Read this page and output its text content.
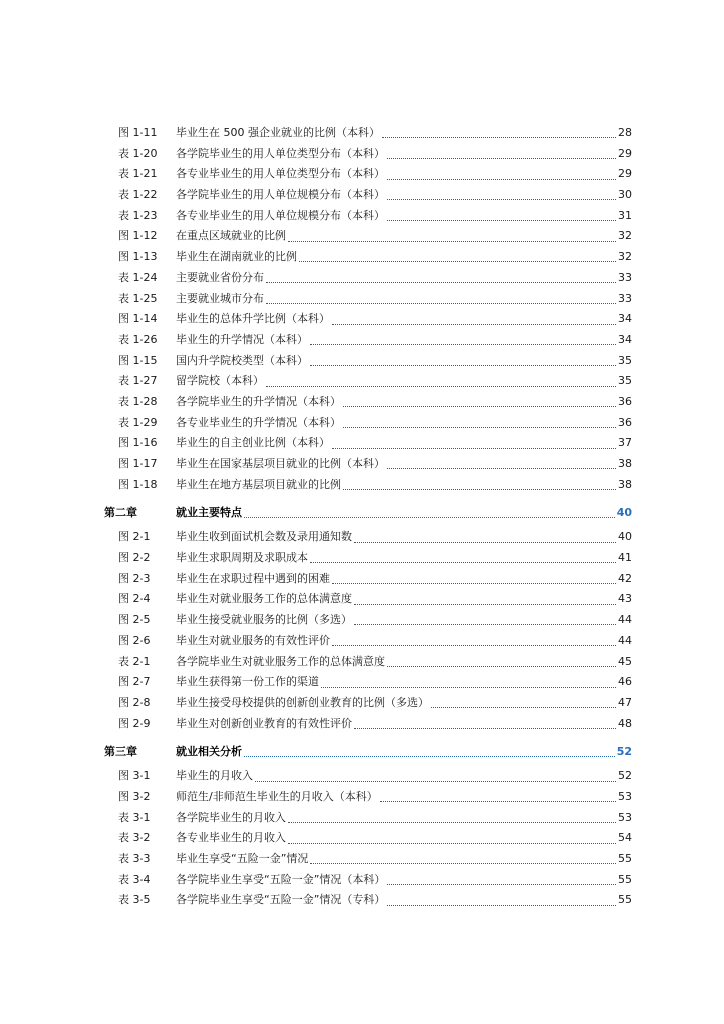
图 1-11	毕业生在 500 强企业就业的比例（本科）	28
表 1-20	各学院毕业生的用人单位类型分布（本科）	29
表 1-21	各专业毕业生的用人单位类型分布（本科）	29
表 1-22	各学院毕业生的用人单位规模分布（本科）	30
表 1-23	各专业毕业生的用人单位规模分布（本科）	31
图 1-12	在重点区域就业的比例	32
图 1-13	毕业生在湖南就业的比例	32
表 1-24	主要就业省份分布	33
表 1-25	主要就业城市分布	33
图 1-14	毕业生的总体升学比例（本科）	34
表 1-26	毕业生的升学情况（本科）	34
图 1-15	国内升学院校类型（本科）	35
表 1-27	留学院校（本科）	35
表 1-28	各学院毕业生的升学情况（本科）	36
表 1-29	各专业毕业生的升学情况（本科）	36
图 1-16	毕业生的自主创业比例（本科）	37
图 1-17	毕业生在国家基层项目就业的比例（本科）	38
图 1-18	毕业生在地方基层项目就业的比例	38
第二章	就业主要特点	40
图 2-1	毕业生收到面试机会数及录用通知数	40
图 2-2	毕业生求职周期及求职成本	41
图 2-3	毕业生在求职过程中遇到的困难	42
图 2-4	毕业生对就业服务工作的总体满意度	43
图 2-5	毕业生接受就业服务的比例（多选）	44
图 2-6	毕业生对就业服务的有效性评价	44
表 2-1	各学院毕业生对就业服务工作的总体满意度	45
图 2-7	毕业生获得第一份工作的渠道	46
图 2-8	毕业生接受母校提供的创新创业教育的比例（多选）	47
图 2-9	毕业生对创新创业教育的有效性评价	48
第三章	就业相关分析	52
图 3-1	毕业生的月收入	52
图 3-2	师范生/非师范生毕业生的月收入（本科）	53
表 3-1	各学院毕业生的月收入	53
表 3-2	各专业毕业生的月收入	54
表 3-3	毕业生享受“五险一金”情况	55
表 3-4	各学院毕业生享受“五险一金”情况（本科）	55
表 3-5	各学院毕业生享受“五险一金”情况（专科）	55
